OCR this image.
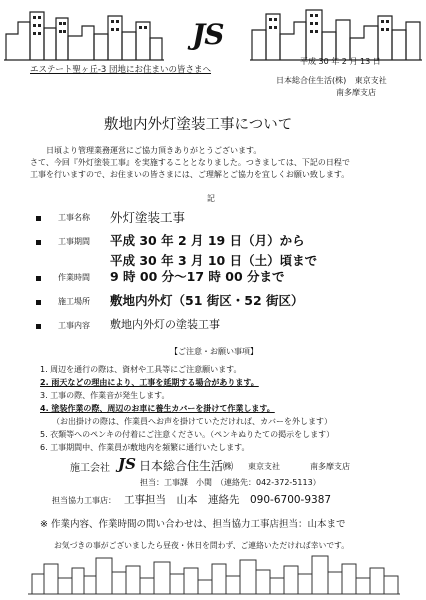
JS
平成 30 年 2 月 13 日
エステート聖ヶ丘-3 団地にお住まいの皆さまへ
日本総合住生活(株) 東京支社
南多摩支店
敷地内外灯塗装工事について
日頃より管理業務運営にご協力頂きありがとうございます。
さて、今回『外灯塗装工事』を実施することとなりました。つきましては、下記の日程で
工事を行いますので、お住まいの皆さまには、ご理解とご協力を宜しくお願い致します。
記
工事名称 外灯塗装工事
工事期間 平成 30 年 2 月 19 日（月）から
平成 30 年 3 月 10 日（土）頃まで
作業時間 9 時 00 分～17 時 00 分まで
施工場所 敷地内外灯（51 街区・52 街区）
工事内容 敷地内外灯の塗装工事
【ご注意・お願い事項】
1. 周辺を通行の際は、資材や工具等にご注意願います。
2. 雨天などの理由により、工事を延期する場合があります。
3. 工事の際、作業音が発生します。
4. 塗装作業の際、周辺のお車に養生カバーを掛けて作業します。
（お出掛けの際は、作業員へお声を掛けていただければ、カバーを外します）
5. 衣類等へのペンキの付着にご注意ください。（ペンキぬりたての掲示をします）
6. 工事期間中、作業員が敷地内を頻繁に通行いたします。
施工会社 JS 日本総合住生活㈱ 東京支社	南多摩支店
担当：工事課　小関　（連絡先：042-372-5113）
担当協力工事店： 工事担当　山本　連絡先　090-6700-9387
※ 作業内容、作業時間の問い合わせは、担当協力工事店担当：山本まで
お気づきの事がございましたら昼夜・休日を問わず、ご連絡いただければ幸いです。
